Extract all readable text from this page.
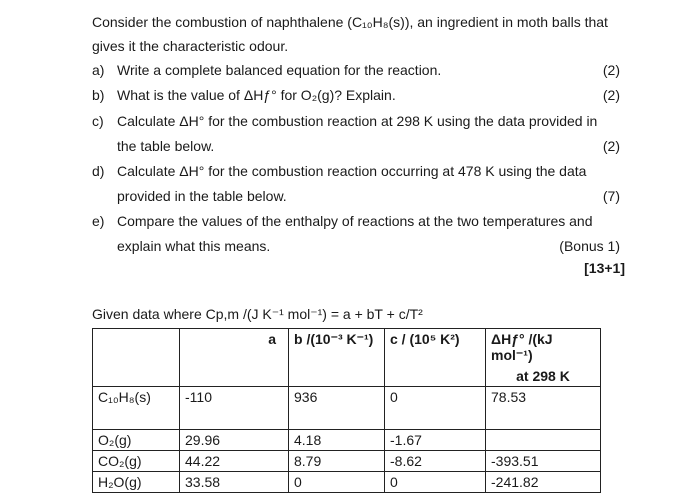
Consider the combustion of naphthalene (C₁₀H₈(s)), an ingredient in moth balls that
gives it the characteristic odour.
a) Write a complete balanced equation for the reaction.	(2)
b) What is the value of ΔHƒ° for O₂(g)? Explain.	(2)
c) Calculate ΔH° for the combustion reaction at 298 K using the data provided in
the table below.	(2)
d) Calculate ΔH° for the combustion reaction occurring at 478 K using the data
provided in the table below.	(7)
e) Compare the values of the enthalpy of reactions at the two temperatures and
explain what this means.	(Bonus 1)
[13+1]
Given data where Cp,m /(J K⁻¹ mol⁻¹) = a + bT + c/T²
	a	b /(10⁻³ K⁻¹)	c / (10⁵ K²)	ΔHƒ° /(kJ mol⁻¹)
at 298 K

C₁₀H₈(s)	-110	936	0	78.53
O₂(g)	29.96	4.18	-1.67	
CO₂(g)	44.22	8.79	-8.62	-393.51
H₂O(g)	33.58	0	0	-241.82
